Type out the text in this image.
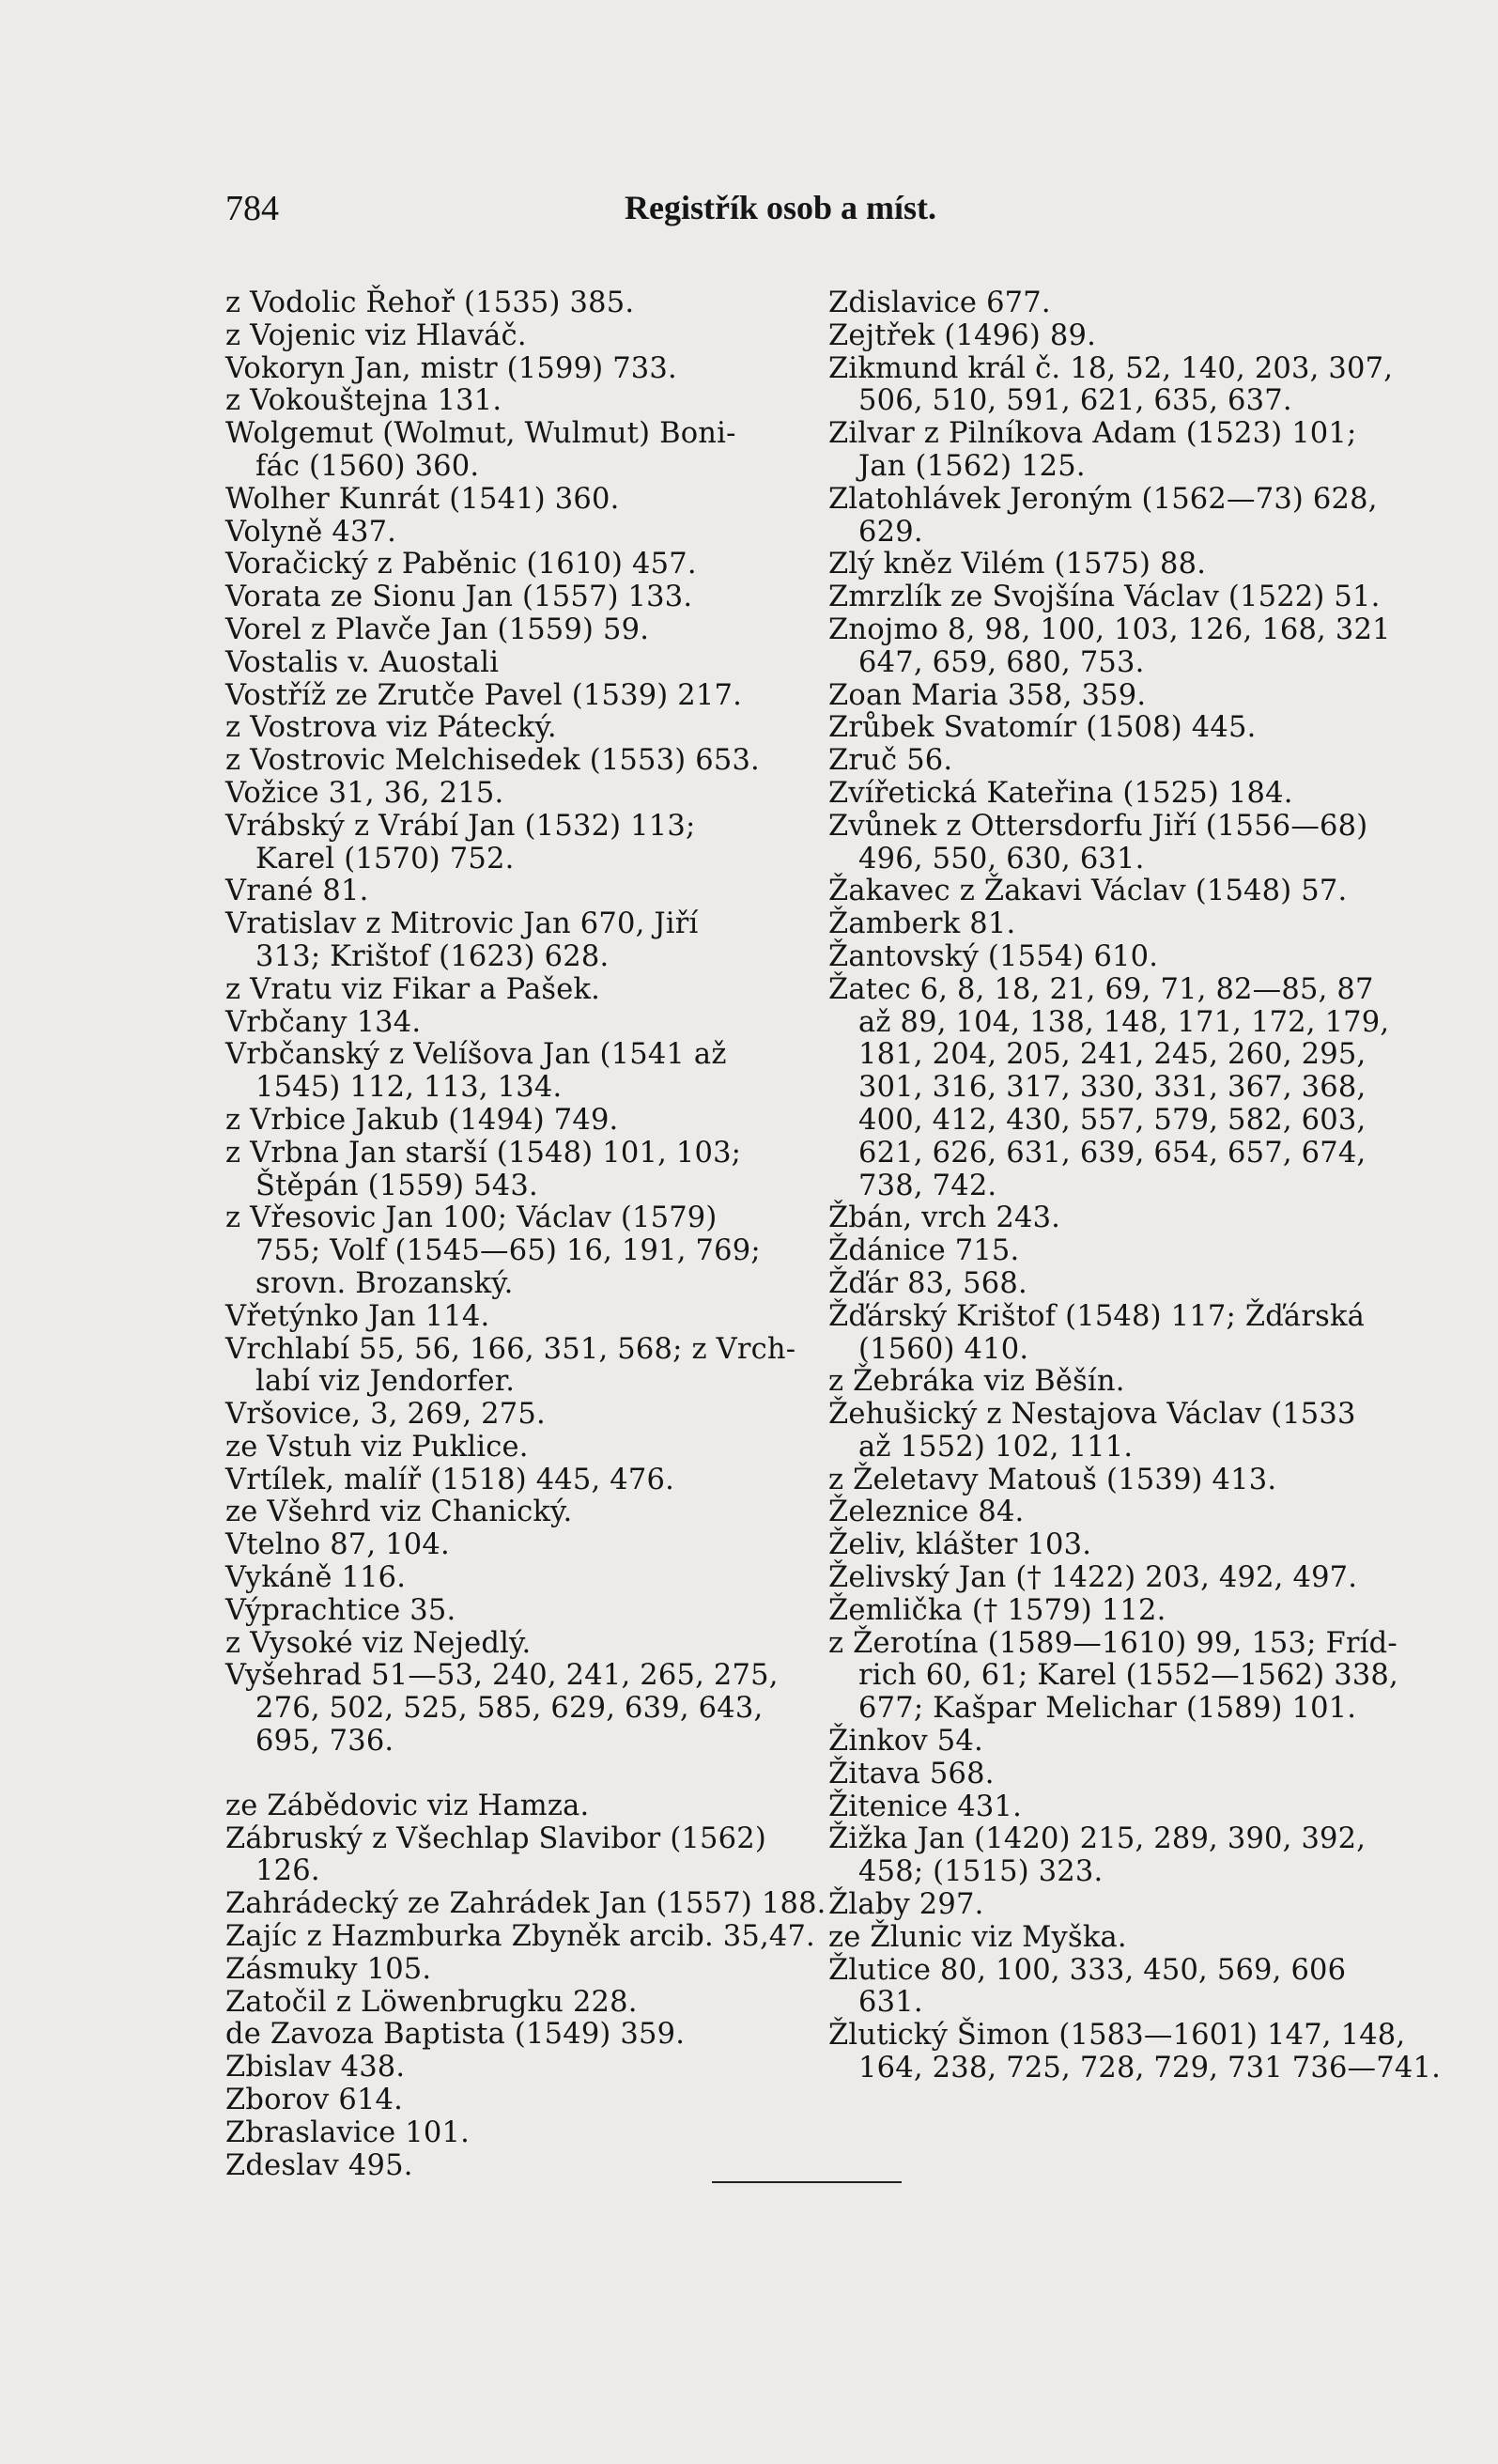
784	Registřík osob a míst.
z Vodolic Řehoř (1535) 385.
z Vojenic viz Hlaváč.
Vokoryn Jan, mistr (1599) 733.
z Vokouštejna 131.
Wolgemut (Wolmut, Wulmut) Boni-
fác (1560) 360.
Wolher Kunrát (1541) 360.
Volyně 437.
Voračický z Paběnic (1610) 457.
Vorata ze Sionu Jan (1557) 133.
Vorel z Plavče Jan (1559) 59.
Vostalis v. Auostali
Vostříž ze Zrutče Pavel (1539) 217.
z Vostrova viz Pátecký.
z Vostrovic Melchisedek (1553) 653.
Vožice 31, 36, 215.
Vrábský z Vrábí Jan (1532) 113;
Karel (1570) 752.
Vrané 81.
Vratislav z Mitrovic Jan 670, Jiří
313; Krištof (1623) 628.
z Vratu viz Fikar a Pašek.
Vrbčany 134.
Vrbčanský z Velíšova Jan (1541 až
1545) 112, 113, 134.
z Vrbice Jakub (1494) 749.
z Vrbna Jan starší (1548) 101, 103;
Štěpán (1559) 543.
z Vřesovic Jan 100; Václav (1579)
755; Volf (1545—65) 16, 191, 769;
srovn. Brozanský.
Vřetýnko Jan 114.
Vrchlabí 55, 56, 166, 351, 568; z Vrch-
labí viz Jendorfer.
Vršovice, 3, 269, 275.
ze Vstuh viz Puklice.
Vrtílek, malíř (1518) 445, 476.
ze Všehrd viz Chanický.
Vtelno 87, 104.
Vykáně 116.
Výprachtice 35.
z Vysoké viz Nejedlý.
Vyšehrad 51—53, 240, 241, 265, 275,
276, 502, 525, 585, 629, 639, 643,
695, 736.
ze Zábědovic viz Hamza.
Zábruský z Všechlap Slavibor (1562)
126.
Zahrádecký ze Zahrádek Jan (1557) 188.
Zajíc z Hazmburka Zbyněk arcib. 35,47.
Zásmuky 105.
Zatočil z Löwenbrugku 228.
de Zavoza Baptista (1549) 359.
Zbislav 438.
Zborov 614.
Zbraslavice 101.
Zdeslav 495.
Zdislavice 677.
Zejtřek (1496) 89.
Zikmund král č. 18, 52, 140, 203, 307,
506, 510, 591, 621, 635, 637.
Zilvar z Pilníkova Adam (1523) 101;
Jan (1562) 125.
Zlatohlávek Jeroným (1562—73) 628,
629.
Zlý kněz Vilém (1575) 88.
Zmrzlík ze Svojšína Václav (1522) 51.
Znojmo 8, 98, 100, 103, 126, 168, 321
647, 659, 680, 753.
Zoan Maria 358, 359.
Zrůbek Svatomír (1508) 445.
Zruč 56.
Zvířetická Kateřina (1525) 184.
Zvůnek z Ottersdorfu Jiří (1556—68)
496, 550, 630, 631.
Žakavec z Žakavi Václav (1548) 57.
Žamberk 81.
Žantovský (1554) 610.
Žatec 6, 8, 18, 21, 69, 71, 82—85, 87
až 89, 104, 138, 148, 171, 172, 179,
181, 204, 205, 241, 245, 260, 295,
301, 316, 317, 330, 331, 367, 368,
400, 412, 430, 557, 579, 582, 603,
621, 626, 631, 639, 654, 657, 674,
738, 742.
Žbán, vrch 243.
Ždánice 715.
Žďár 83, 568.
Žďárský Krištof (1548) 117; Žďárská
(1560) 410.
z Žebráka viz Běšín.
Žehušický z Nestajova Václav (1533
až 1552) 102, 111.
z Želetavy Matouš (1539) 413.
Železnice 84.
Želiv, klášter 103.
Želivský Jan († 1422) 203, 492, 497.
Žemlička († 1579) 112.
z Žerotína (1589—1610) 99, 153; Fríd-
rich 60, 61; Karel (1552—1562) 338,
677; Kašpar Melichar (1589) 101.
Žinkov 54.
Žitava 568.
Žitenice 431.
Žižka Jan (1420) 215, 289, 390, 392,
458; (1515) 323.
Žlaby 297.
ze Žlunic viz Myška.
Žlutice 80, 100, 333, 450, 569, 606
631.
Žlutický Šimon (1583—1601) 147, 148,
164, 238, 725, 728, 729, 731 736—741.
